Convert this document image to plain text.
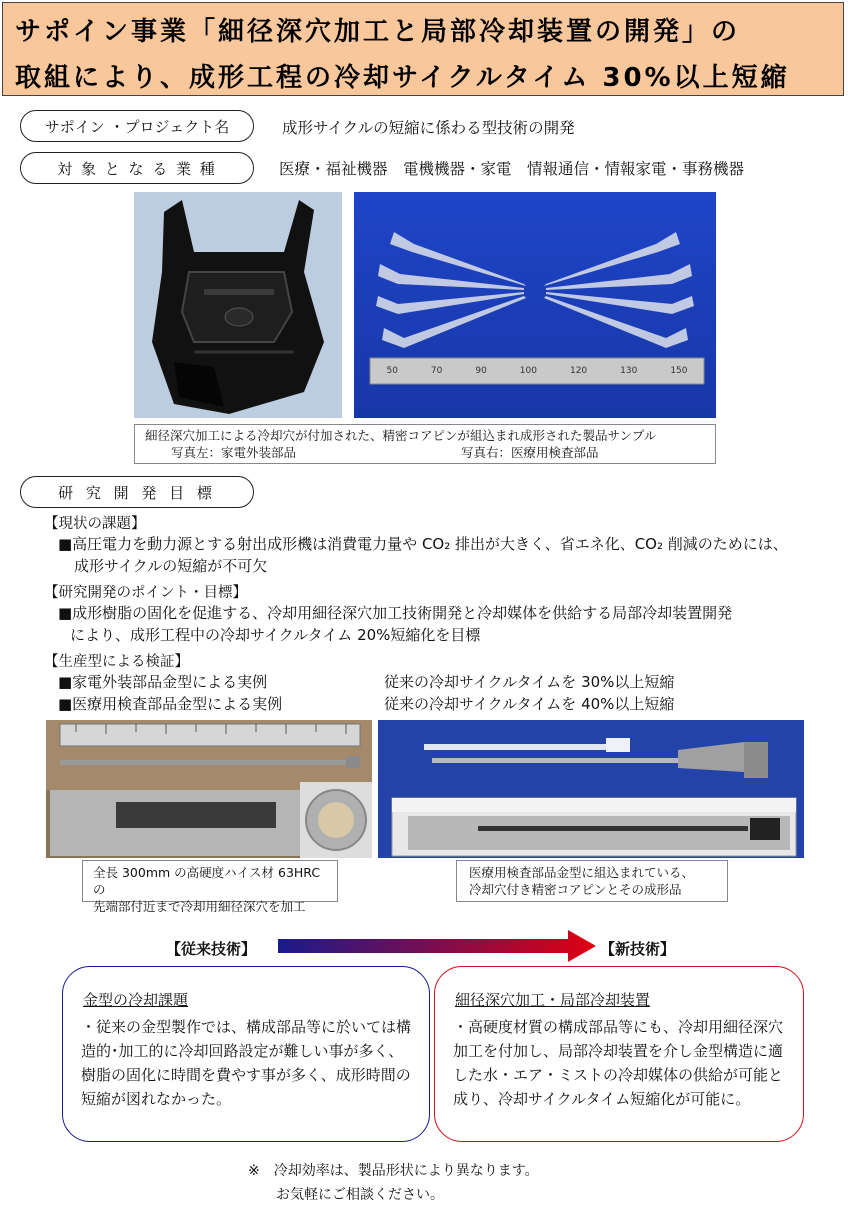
サポイン事業「細径深穴加工と局部冷却装置の開発」の
取組により、成形工程の冷却サイクルタイム 30%以上短縮
サポイン ・プロジェクト名	成形サイクルの短縮に係わる型技術の開発
対 象 と な る 業 種	医療・福祉機器　電機機器・家電　情報通信・情報家電・事務機器
50	70	90	100	120	130	150
細径深穴加工による冷却穴が付加された、精密コアピンが組込まれ成形された製品サンプル
写真左：家電外装部品	写真右：医療用検査部品
研 究 開 発 目 標
【現状の課題】
■高圧電力を動力源とする射出成形機は消費電力量や CO₂ 排出が大きく、省エネ化、CO₂ 削減のためには、
成形サイクルの短縮が不可欠
【研究開発のポイント・目標】
■成形樹脂の固化を促進する、冷却用細径深穴加工技術開発と冷却媒体を供給する局部冷却装置開発
により、成形工程中の冷却サイクルタイム 20%短縮化を目標
【生産型による検証】
■家電外装部品金型による実例	従来の冷却サイクルタイムを 30%以上短縮
■医療用検査部品金型による実例	従来の冷却サイクルタイムを 40%以上短縮
全長 300mm の高硬度ハイス材 63HRC の
先端部付近まで冷却用細径深穴を加工
医療用検査部品金型に組込まれている、
冷却穴付き精密コアピンとその成形品
【従来技術】	【新技術】
金型の冷却課題
・従来の金型製作では、構成部品等に於いては構造的･加工的に冷却回路設定が難しい事が多く、樹脂の固化に時間を費やす事が多く、成形時間の短縮が図れなかった。
細径深穴加工・局部冷却装置
・高硬度材質の構成部品等にも、冷却用細径深穴加工を付加し、局部冷却装置を介し金型構造に適した水・エア・ミストの冷却媒体の供給が可能と成り、冷却サイクルタイム短縮化が可能に。
※　冷却効率は、製品形状により異なります。
お気軽にご相談ください。
